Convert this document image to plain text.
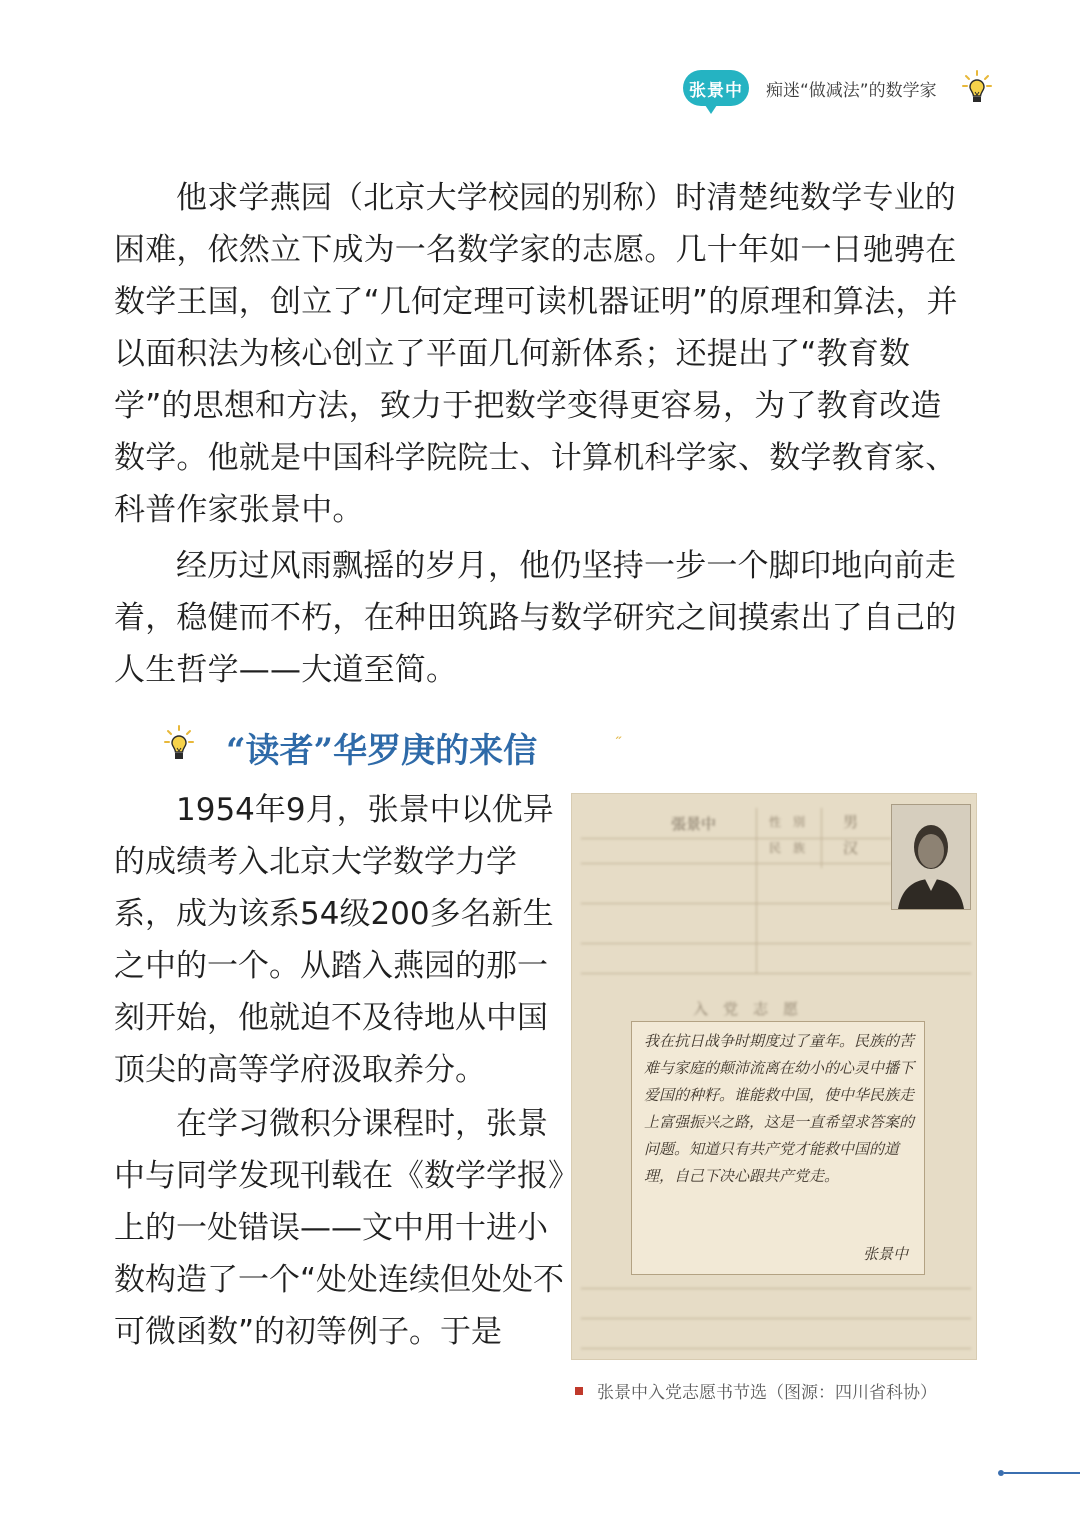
张景中	痴迷“做减法”的数学家

他求学燕园（北京大学校园的别称）时清楚纯数学专业的困难，依然立下成为一名数学家的志愿。几十年如一日驰骋在数学王国，创立了“几何定理可读机器证明”的原理和算法，并以面积法为核心创立了平面几何新体系；还提出了“教育数学”的思想和方法，致力于把数学变得更容易，为了教育改造数学。他就是中国科学院院士、计算机科学家、数学教育家、科普作家张景中。

经历过风雨飘摇的岁月，他仍坚持一步一个脚印地向前走着，稳健而不朽，在种田筑路与数学研究之间摸索出了自己的人生哲学——大道至简。

“读者”华罗庚的来信	˶

1954年9月，张景中以优异的成绩考入北京大学数学力学系，成为该系54级200多名新生之中的一个。从踏入燕园的那一刻开始，他就迫不及待地从中国顶尖的高等学府汲取养分。

在学习微积分课程时，张景中与同学发现刊载在《数学学报》上的一处错误——文中用十进小数构造了一个“处处连续但处处不可微函数”的初等例子。于是

張景中	性　別	男
民　族	汉
入　党　志　愿

我在抗日战争时期度过了童年。民族的苦难与家庭的颠沛流离在幼小的心灵中播下爱国的种籽。谁能救中国，使中华民族走上富强振兴之路，这是一直希望求答案的问题。知道只有共产党才能救中国的道理，自己下决心跟共产党走。

张景中
张景中入党志愿书节选（图源：四川省科协）
